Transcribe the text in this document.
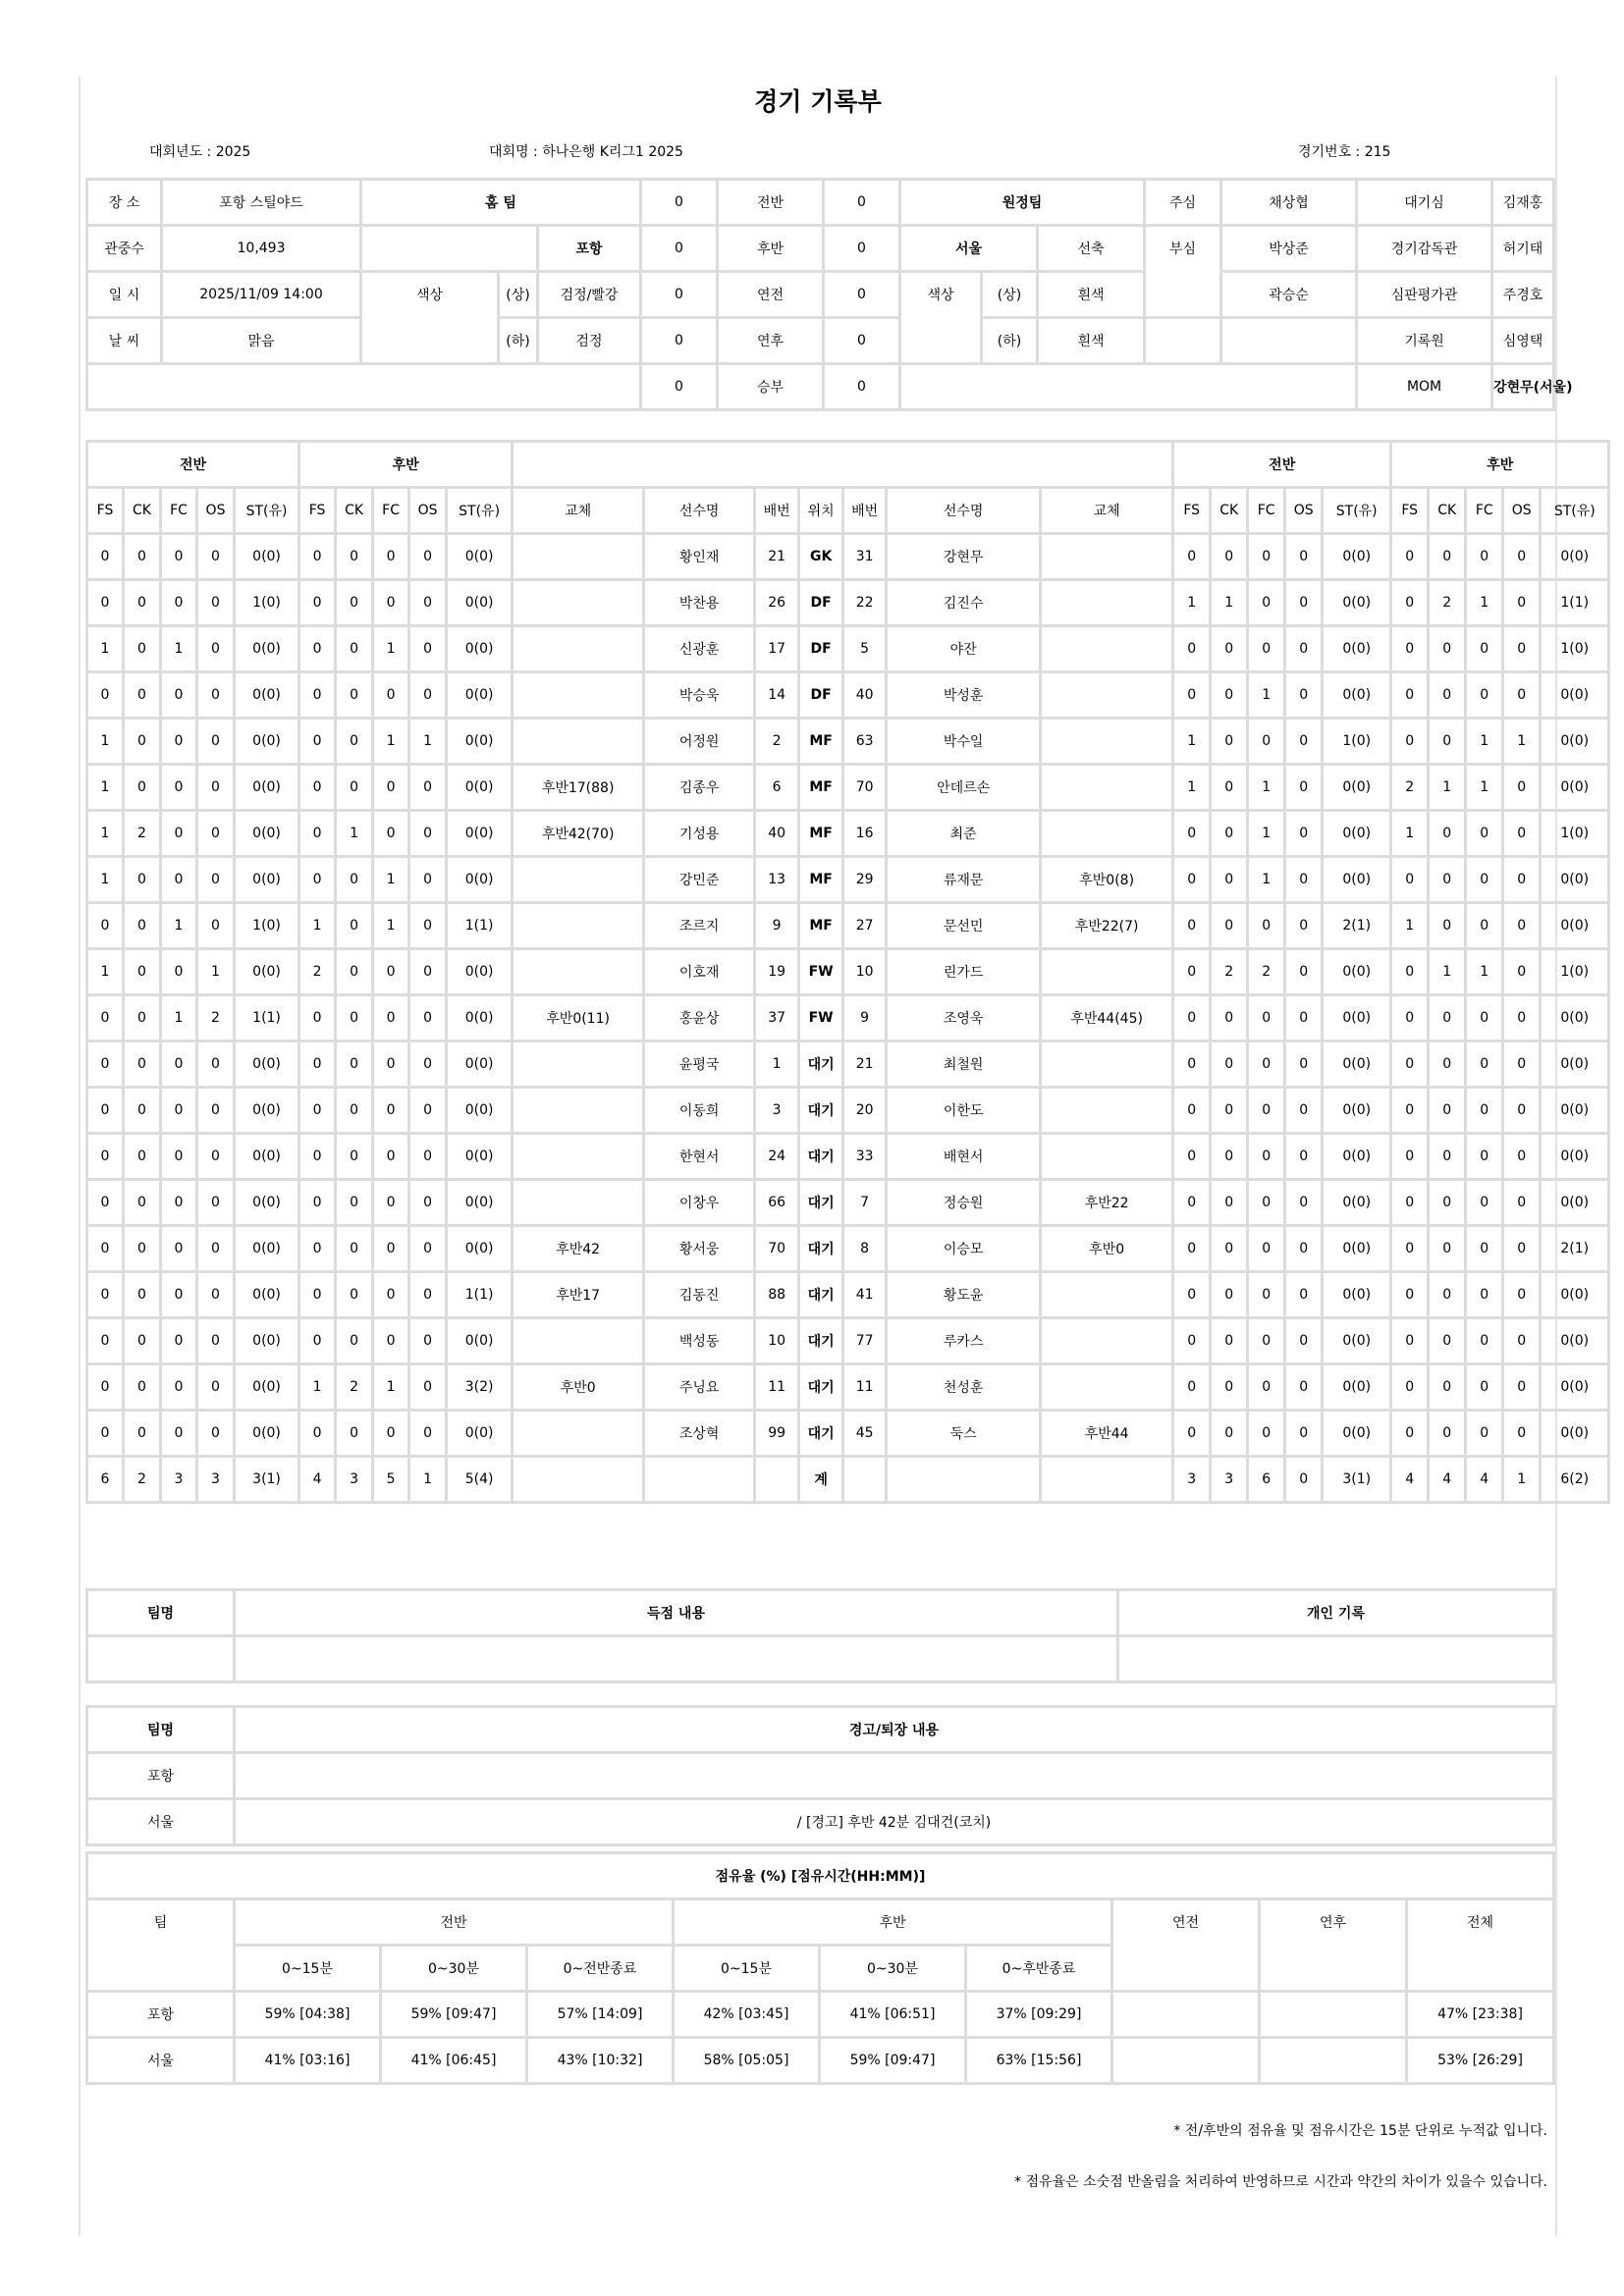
경기 기록부
대회년도 : 2025	대회명 : 하나은행 K리그1 2025	경기번호 : 215
장 소	포항 스틸야드	홈 팀			0	전반	0	원정팀			주심	채상협	대기심	김재홍
관중수	10,493			포항	0	후반	0	서울		선축	부심	박상준	경기감독관	허기태
일 시	2025/11/09 14:00	색상	(상)	검정/빨강	0	연전	0	색상	(상)	흰색		곽승순	심판평가관	주경호
날 씨	맑음		(하)	검정	0	연후	0		(하)	흰색			기록원	심영택
					0	승부	0						MOM	강현무(서울)
전반					후반												전반					후반				
FS	CK	FC	OS	ST(유)	FS	CK	FC	OS	ST(유)	교체	선수명	배번	위치	배번	선수명	교체	FS	CK	FC	OS	ST(유)	FS	CK	FC	OS	ST(유)
0	0	0	0	0(0)	0	0	0	0	0(0)		황인재	21	GK	31	강현무		0	0	0	0	0(0)	0	0	0	0	0(0)
0	0	0	0	1(0)	0	0	0	0	0(0)		박찬용	26	DF	22	김진수		1	1	0	0	0(0)	0	2	1	0	1(1)
1	0	1	0	0(0)	0	0	1	0	0(0)		신광훈	17	DF	5	야잔		0	0	0	0	0(0)	0	0	0	0	1(0)
0	0	0	0	0(0)	0	0	0	0	0(0)		박승욱	14	DF	40	박성훈		0	0	1	0	0(0)	0	0	0	0	0(0)
1	0	0	0	0(0)	0	0	1	1	0(0)		어정원	2	MF	63	박수일		1	0	0	0	1(0)	0	0	1	1	0(0)
1	0	0	0	0(0)	0	0	0	0	0(0)	후반17(88)	김종우	6	MF	70	안데르손		1	0	1	0	0(0)	2	1	1	0	0(0)
1	2	0	0	0(0)	0	1	0	0	0(0)	후반42(70)	기성용	40	MF	16	최준		0	0	1	0	0(0)	1	0	0	0	1(0)
1	0	0	0	0(0)	0	0	1	0	0(0)		강민준	13	MF	29	류재문	후반0(8)	0	0	1	0	0(0)	0	0	0	0	0(0)
0	0	1	0	1(0)	1	0	1	0	1(1)		조르지	9	MF	27	문선민	후반22(7)	0	0	0	0	2(1)	1	0	0	0	0(0)
1	0	0	1	0(0)	2	0	0	0	0(0)		이호재	19	FW	10	린가드		0	2	2	0	0(0)	0	1	1	0	1(0)
0	0	1	2	1(1)	0	0	0	0	0(0)	후반0(11)	홍윤상	37	FW	9	조영욱	후반44(45)	0	0	0	0	0(0)	0	0	0	0	0(0)
0	0	0	0	0(0)	0	0	0	0	0(0)		윤평국	1	대기	21	최철원		0	0	0	0	0(0)	0	0	0	0	0(0)
0	0	0	0	0(0)	0	0	0	0	0(0)		이동희	3	대기	20	이한도		0	0	0	0	0(0)	0	0	0	0	0(0)
0	0	0	0	0(0)	0	0	0	0	0(0)		한현서	24	대기	33	배현서		0	0	0	0	0(0)	0	0	0	0	0(0)
0	0	0	0	0(0)	0	0	0	0	0(0)		이창우	66	대기	7	정승원	후반22	0	0	0	0	0(0)	0	0	0	0	0(0)
0	0	0	0	0(0)	0	0	0	0	0(0)	후반42	황서웅	70	대기	8	이승모	후반0	0	0	0	0	0(0)	0	0	0	0	2(1)
0	0	0	0	0(0)	0	0	0	0	1(1)	후반17	김동진	88	대기	41	황도윤		0	0	0	0	0(0)	0	0	0	0	0(0)
0	0	0	0	0(0)	0	0	0	0	0(0)		백성동	10	대기	77	루카스		0	0	0	0	0(0)	0	0	0	0	0(0)
0	0	0	0	0(0)	1	2	1	0	3(2)	후반0	주닝요	11	대기	11	천성훈		0	0	0	0	0(0)	0	0	0	0	0(0)
0	0	0	0	0(0)	0	0	0	0	0(0)		조상혁	99	대기	45	둑스	후반44	0	0	0	0	0(0)	0	0	0	0	0(0)
6	2	3	3	3(1)	4	3	5	1	5(4)				계				3	3	6	0	3(1)	4	4	4	1	6(2)
팀명	득점 내용	개인 기록

팀명	경고/퇴장 내용
포항	
서울	/ [경고] 후반 42분 김대건(코치)
점유율 (%) [점유시간(HH:MM)]									
팀	전반			후반			연전	연후	전체
	0~15분	0~30분	0~전반종료	0~15분	0~30분	0~후반종료			
포항	59% [04:38]	59% [09:47]	57% [14:09]	42% [03:45]	41% [06:51]	37% [09:29]			47% [23:38]
서울	41% [03:16]	41% [06:45]	43% [10:32]	58% [05:05]	59% [09:47]	63% [15:56]			53% [26:29]
* 전/후반의 점유율 및 점유시간은 15분 단위로 누적값 입니다.
* 점유율은 소숫점 반올림을 처리하여 반영하므로 시간과 약간의 차이가 있을수 있습니다.
